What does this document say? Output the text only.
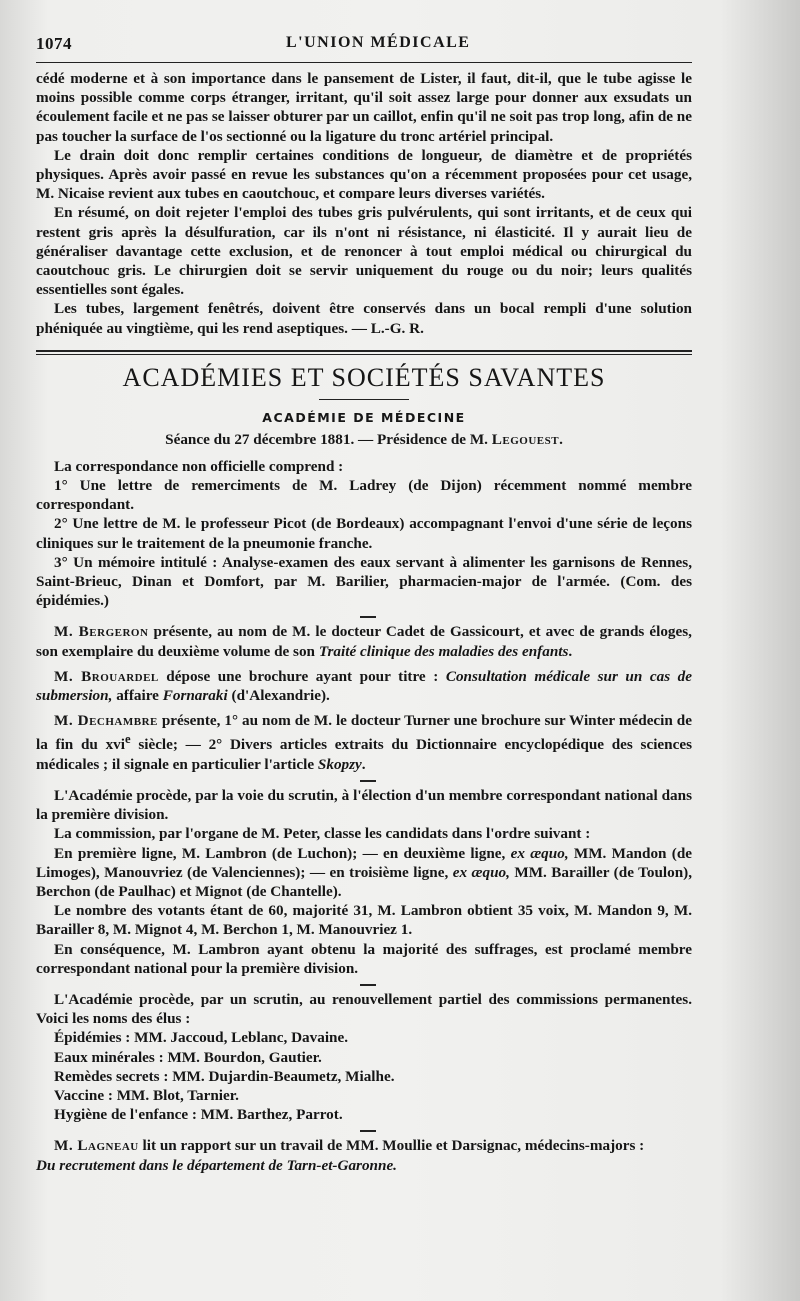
1074	L'UNION MÉDICALE

cédé moderne et à son importance dans le pansement de Lister, il faut, dit-il, que le tube agisse le moins possible comme corps étranger, irritant, qu'il soit assez large pour donner aux exsudats un écoulement facile et ne pas se laisser obturer par un caillot, enfin qu'il ne soit pas trop long, afin de ne pas toucher la surface de l'os sectionné ou la ligature du tronc artériel principal.

Le drain doit donc remplir certaines conditions de longueur, de diamètre et de propriétés physiques. Après avoir passé en revue les substances qu'on a récemment proposées pour cet usage, M. Nicaise revient aux tubes en caoutchouc, et compare leurs diverses variétés.

En résumé, on doit rejeter l'emploi des tubes gris pulvérulents, qui sont irritants, et de ceux qui restent gris après la désulfuration, car ils n'ont ni résistance, ni élasticité. Il y aurait lieu de généraliser davantage cette exclusion, et de renoncer à tout emploi médical ou chirurgical du caoutchouc gris. Le chirurgien doit se servir uniquement du rouge ou du noir; leurs qualités essentielles sont égales.

Les tubes, largement fenêtrés, doivent être conservés dans un bocal rempli d'une solution phéniquée au vingtième, qui les rend aseptiques. — L.-G. R.

ACADÉMIES ET SOCIÉTÉS SAVANTES
ACADÉMIE DE MÉDECINE
Séance du 27 décembre 1881. — Présidence de M. Legouest.

La correspondance non officielle comprend :

1° Une lettre de remerciments de M. Ladrey (de Dijon) récemment nommé membre correspondant.

2° Une lettre de M. le professeur Picot (de Bordeaux) accompagnant l'envoi d'une série de leçons cliniques sur le traitement de la pneumonie franche.

3° Un mémoire intitulé : Analyse-examen des eaux servant à alimenter les garnisons de Rennes, Saint-Brieuc, Dinan et Domfort, par M. Barilier, pharmacien-major de l'armée. (Com. des épidémies.)

M. Bergeron présente, au nom de M. le docteur Cadet de Gassicourt, et avec de grands éloges, son exemplaire du deuxième volume de son Traité clinique des maladies des enfants.

M. Brouardel dépose une brochure ayant pour titre : Consultation médicale sur un cas de submersion, affaire Fornaraki (d'Alexandrie).

M. Dechambre présente, 1° au nom de M. le docteur Turner une brochure sur Winter médecin de la fin du xvi$^e$ siècle; — 2° Divers articles extraits du Dictionnaire encyclopédique des sciences médicales ; il signale en particulier l'article Skopzy.

L'Académie procède, par la voie du scrutin, à l'élection d'un membre correspondant national dans la première division.

La commission, par l'organe de M. Peter, classe les candidats dans l'ordre suivant :

En première ligne, M. Lambron (de Luchon); — en deuxième ligne, ex æquo, MM. Mandon (de Limoges), Manouvriez (de Valenciennes); — en troisième ligne, ex æquo, MM. Barailler (de Toulon), Berchon (de Paulhac) et Mignot (de Chantelle).

Le nombre des votants étant de 60, majorité 31, M. Lambron obtient 35 voix, M. Mandon 9, M. Barailler 8, M. Mignot 4, M. Berchon 1, M. Manouvriez 1.

En conséquence, M. Lambron ayant obtenu la majorité des suffrages, est proclamé membre correspondant national pour la première division.

L'Académie procède, par un scrutin, au renouvellement partiel des commissions permanentes. Voici les noms des élus :

Épidémies : MM. Jaccoud, Leblanc, Davaine.

Eaux minérales : MM. Bourdon, Gautier.

Remèdes secrets : MM. Dujardin-Beaumetz, Mialhe.

Vaccine : MM. Blot, Tarnier.

Hygiène de l'enfance : MM. Barthez, Parrot.

M. Lagneau lit un rapport sur un travail de MM. Moullie et Darsignac, médecins-majors :

Du recrutement dans le département de Tarn-et-Garonne.
